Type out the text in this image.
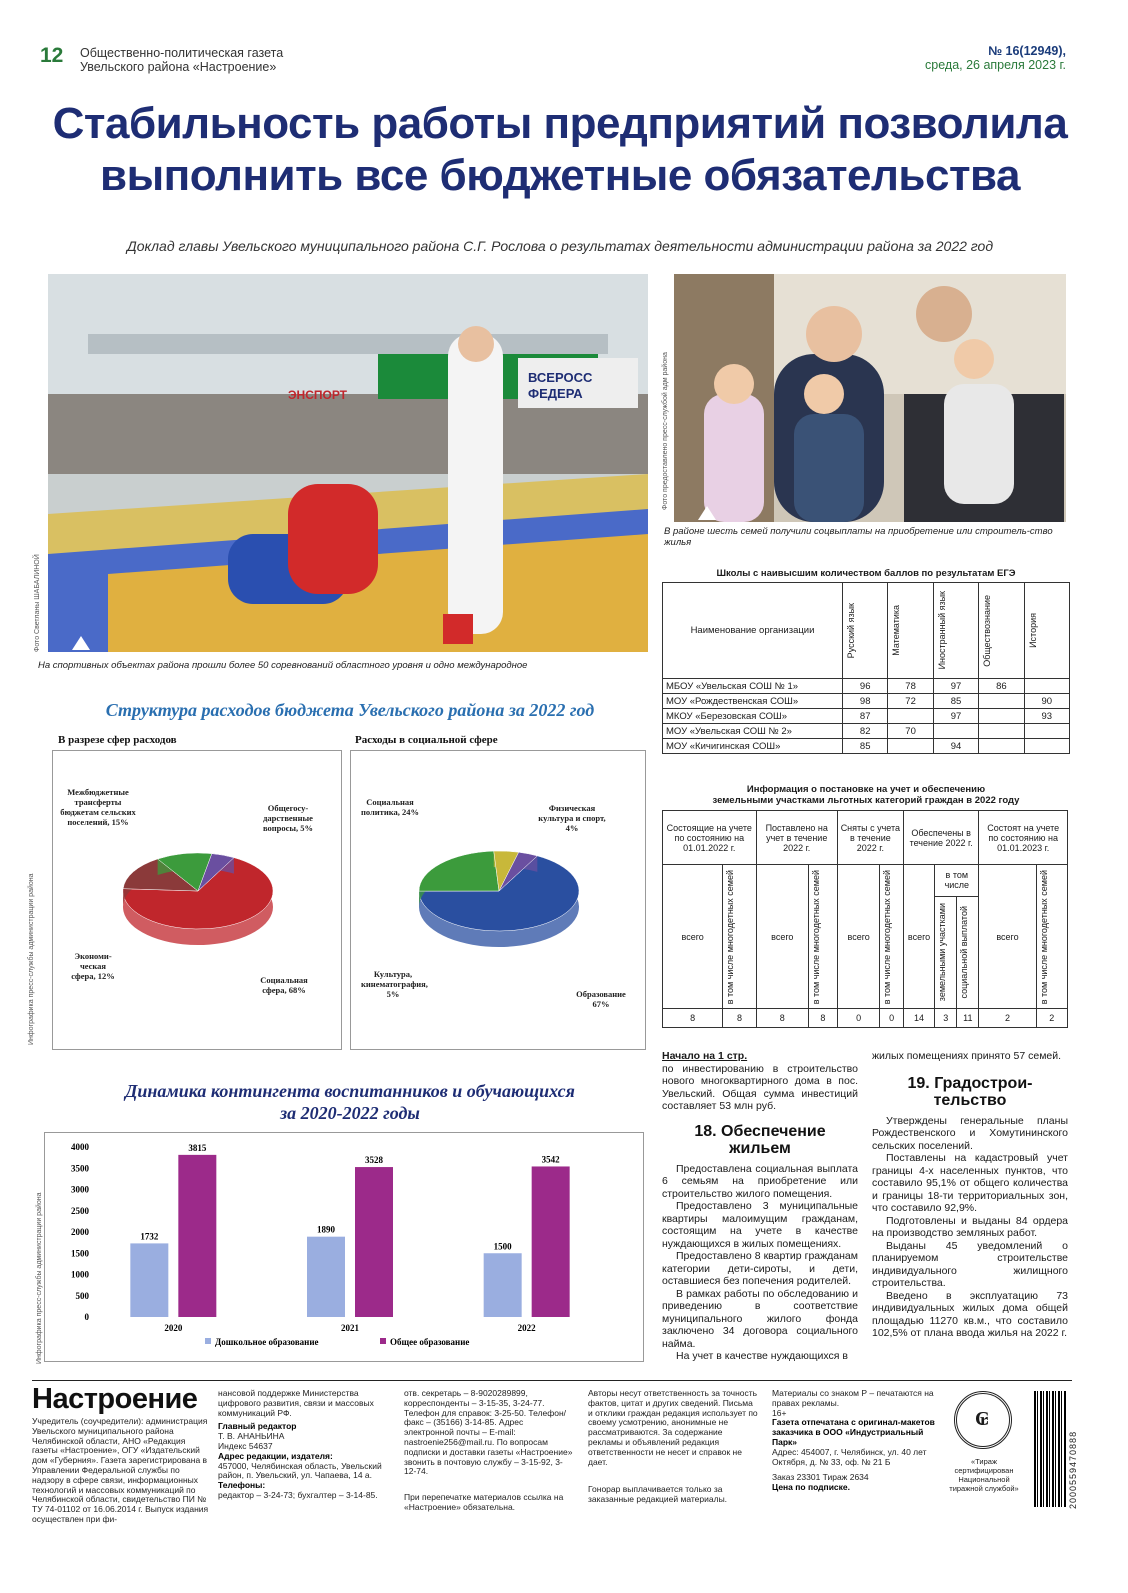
12 Общественно-политическая газета
Увельского района «Настроение»
№ 16(12949),
среда, 26 апреля 2023 г.
Стабильность работы предприятий позволила
выполнить все бюджетные обязательства
Доклад главы Увельского муниципального района С.Г. Рослова о результатах деятельности администрации района за 2022 год
ВСЕРОСС
ФЕДЕРА
ЭНСПОРТ
Фото Светланы ШАБАЛИНОЙ
На спортивных объектах района прошли более 50 соревнований областного уровня и одно международное
Фото предоставлено пресс-службой адм района
В районе шесть семей получили соцвыплаты на приобретение или строитель-ство жилья
Структура расходов бюджета Увельского района за 2022 год
Инфографика пресс-службы администрации района
В разрезе сфер расходов	Расходы в социальной сфере
Межбюджетные трансферты бюджетам сельских поселений, 15%
Общегосу-дарственные вопросы, 5%
Экономи-ческая сфера, 12%	Социальная сфера, 68%
Социальная политика, 24%	Физическая культура и спорт, 4%
Культура, кинематография, 5%	Образование 67%
Динамика контингента воспитанников и обучающихся
за 2020-2022 годы
Инфографика пресс-службы администрации района
4000
3500
3000
2500
2000
1500
1000
500
0
1732
3815
2020
1890
3528
2021
1500
3542
2022
Дошкольное образование	Общее образование
Школы с наивысшим количеством баллов по результатам ЕГЭ
Наименование организации	Русский язык	Математика	Иностранный язык	Обществознание	История

МБОУ «Увельская СОШ № 1»	96	78	97	86	
МОУ «Рождественская СОШ»	98	72	85		90
МКОУ «Березовская СОШ»	87		97		93
МОУ «Увельская СОШ № 2»	82	70			
МОУ «Кичигинская СОШ»	85		94		
Информация о постановке на учет и обеспечению
земельными участками льготных категорий граждан в 2022 году
Состоящие на учете по состоянию на 01.01.2022 г.		Поставлено на учет в течение 2022 г.		Сняты с учета в течение 2022 г.		Обеспечены в течение 2022 г.			Состоят на учете по состоянию на 01.01.2023 г.	
всего	в том числе многодетных семей	всего	в том числе многодетных семей	всего	в том числе многодетных семей	всего	в том числе		всего	в том числе многодетных семей

							земельными участками	социальной выплатой		

8	8	8	8	0	0	14	3	11	2	2
Начало на 1 стр.
по инвестированию в строительство нового многоквартирного дома в пос. Увельский. Общая сумма инвестиций составляет 53 млн руб.
18. Обеспечение жильем

Предоставлена социальная выплата 6 семьям на приобретение или строительство жилого помещения.

Предоставлено 3 муниципальные квартиры малоимущим гражданам, состоящим на учете в качестве нуждающихся в жилых помещениях.

Предоставлено 8 квартир гражданам категории дети-сироты, и дети, оставшиеся без попечения родителей.

В рамках работы по обследованию и приведению в соответствие муниципального жилого фонда заключено 34 договора социального найма.

На учет в качестве нуждающихся в

жилых помещениях принято 57 семей.
19. Градострои-тельство

Утверждены генеральные планы Рождественского и Хомутининского сельских поселений.

Поставлены на кадастровый учет границы 4-х населенных пунктов, что составило 95,1% от общего количества и границы 18-ти территориальных зон, что составило 92,9%.

Подготовлены и выданы 84 ордера на производство земляных работ.

Выданы 45 уведомлений о планируемом строительстве индивидуального жилищного строительства.

Введено в эксплуатацию 73 индивидуальных жилых дома общей площадью 11270 кв.м., что составило 102,5% от плана ввода жилья на 2022 г.

Настроение
Учредитель (соучредители): администрация Увельского муниципального района Челябинской области, АНО «Редакция газеты «Настроение», ОГУ «Издательский дом «Губерния». Газета зарегистрирована в Управлении Федеральной службы по надзору в сфере связи, информационных технологий и массовых коммуникаций по Челябинской области, свидетельство ПИ № ТУ 74-01102 от 16.06.2014 г. Выпуск издания осуществлен при фи-
нансовой поддержке Министерства цифрового развития, связи и массовых коммуникаций РФ.
Главный редактор
Т. В. АНАНЬИНА
Индекс 54637
Адрес редакции, издателя:
457000, Челябинская область, Увельский район, п. Увельский, ул. Чапаева, 14 а.
Телефоны:
редактор – 3-24-73; бухгалтер – 3-14-85.
отв. секретарь – 8-9020289899, корреспонденты – 3-15-35, 3-24-77. Телефон для справок: 3-25-50. Телефон/факс – (35166) 3-14-85. Адрес электронной почты – E-mail: nastroenie256@mail.ru. По вопросам подписки и доставки газеты «Настроение» звонить в почтовую службу – 3-15-92, 3-12-74.
При перепечатке материалов ссылка на «Настроение» обязательна.
Авторы несут ответственность за точность фактов, цитат и других сведений. Письма и отклики граждан редакция использует по своему усмотрению, анонимные не рассматриваются. За содержание рекламы и объявлений редакция ответственности не несет и справок не дает.
Гонорар выплачивается только за заказанные редакцией материалы.
Материалы со знаком Р – печатаются на правах рекламы.
16+
Газета отпечатана с оригинал-макетов заказчика в ООО «Индустриальный Парк»
Адрес: 454007, г. Челябинск, ул. 40 лет Октября, д. № 33, оф. № 21 Б
Заказ 23301 Тираж 2634
Цена по подписке.
₢
«Тираж сертифицирован Национальной тиражной службой»	2000559470888
